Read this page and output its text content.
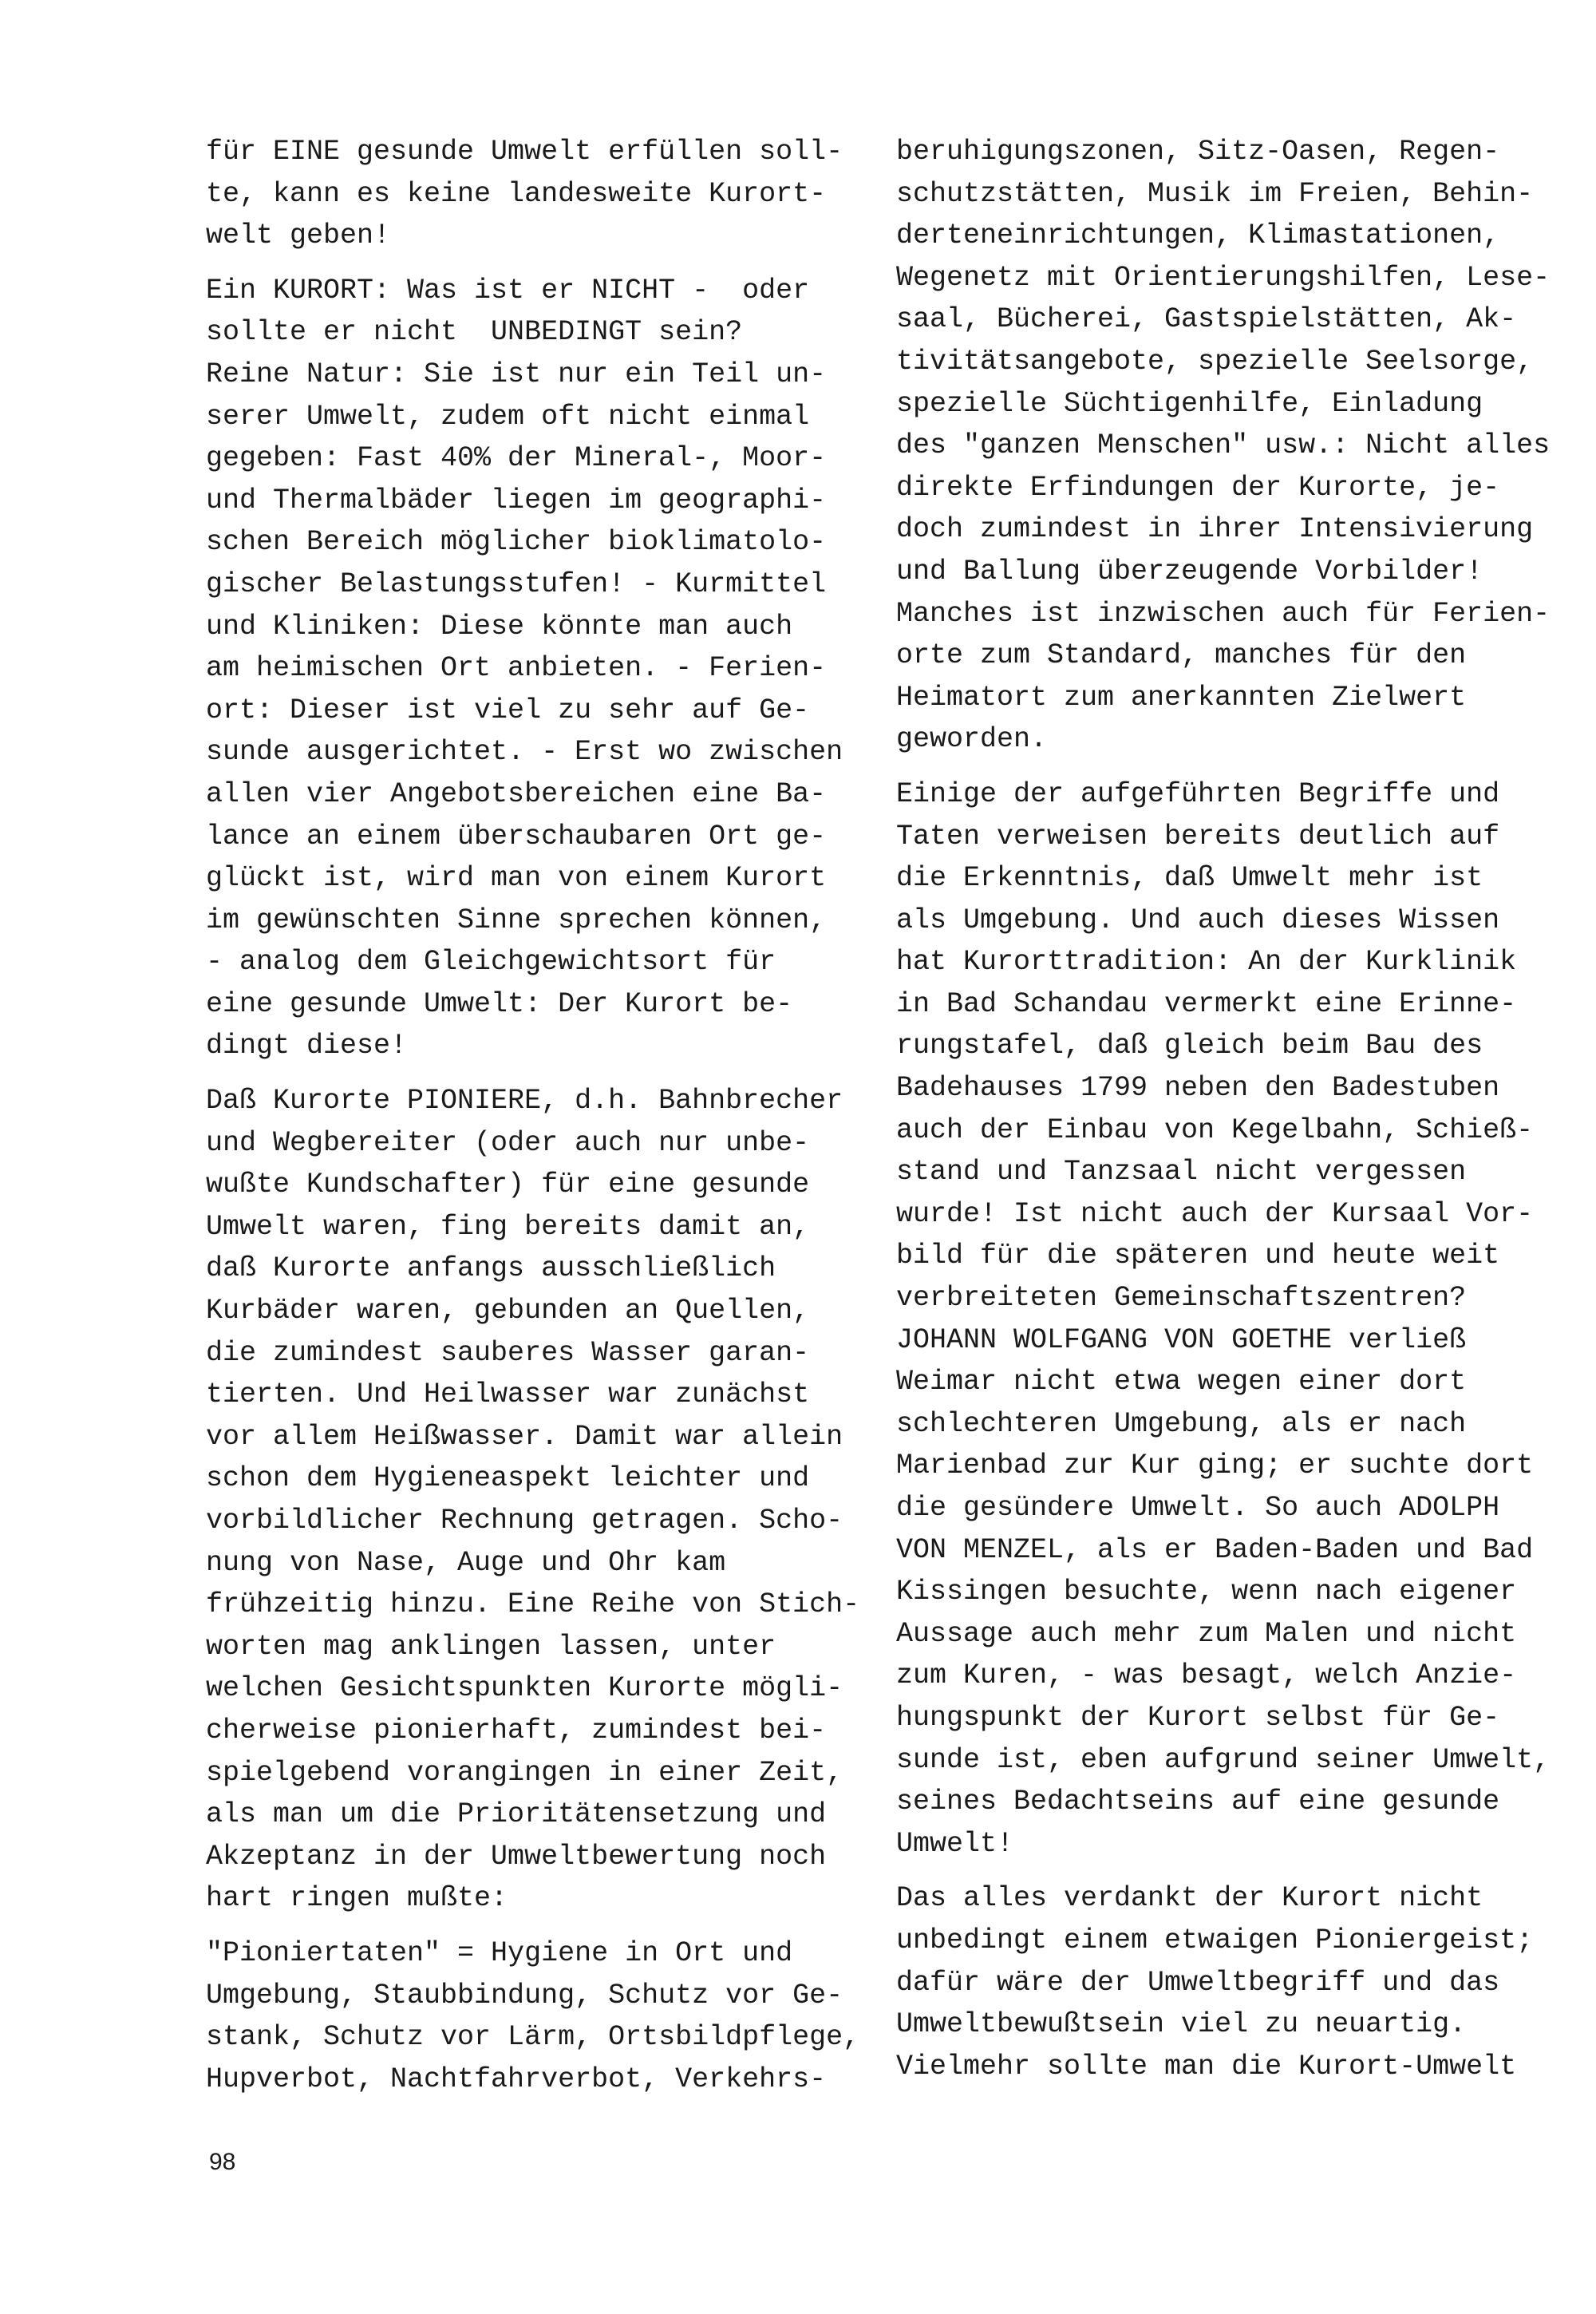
für EINE gesunde Umwelt erfüllen soll-
te, kann es keine landesweite Kurort-
welt geben!
Ein KURORT: Was ist er NICHT -  oder
sollte er nicht  UNBEDINGT sein?
Reine Natur: Sie ist nur ein Teil un-
serer Umwelt, zudem oft nicht einmal
gegeben: Fast 40% der Mineral-, Moor-
und Thermalbäder liegen im geographi-
schen Bereich möglicher bioklimatolo-
gischer Belastungsstufen! - Kurmittel
und Kliniken: Diese könnte man auch
am heimischen Ort anbieten. - Ferien-
ort: Dieser ist viel zu sehr auf Ge-
sunde ausgerichtet. - Erst wo zwischen
allen vier Angebotsbereichen eine Ba-
lance an einem überschaubaren Ort ge-
glückt ist, wird man von einem Kurort
im gewünschten Sinne sprechen können,
- analog dem Gleichgewichtsort für
eine gesunde Umwelt: Der Kurort be-
dingt diese!
Daß Kurorte PIONIERE, d.h. Bahnbrecher
und Wegbereiter (oder auch nur unbe-
wußte Kundschafter) für eine gesunde
Umwelt waren, fing bereits damit an,
daß Kurorte anfangs ausschließlich
Kurbäder waren, gebunden an Quellen,
die zumindest sauberes Wasser garan-
tierten. Und Heilwasser war zunächst
vor allem Heißwasser. Damit war allein
schon dem Hygieneaspekt leichter und
vorbildlicher Rechnung getragen. Scho-
nung von Nase, Auge und Ohr kam
frühzeitig hinzu. Eine Reihe von Stich-
worten mag anklingen lassen, unter
welchen Gesichtspunkten Kurorte mögli-
cherweise pionierhaft, zumindest bei-
spielgebend vorangingen in einer Zeit,
als man um die Prioritätensetzung und
Akzeptanz in der Umweltbewertung noch
hart ringen mußte:
"Pioniertaten" = Hygiene in Ort und
Umgebung, Staubbindung, Schutz vor Ge-
stank, Schutz vor Lärm, Ortsbildpflege,
Hupverbot, Nachtfahrverbot, Verkehrs-
beruhigungszonen, Sitz-Oasen, Regen-
schutzstätten, Musik im Freien, Behin-
derteneinrichtungen, Klimastationen,
Wegenetz mit Orientierungshilfen, Lese-
saal, Bücherei, Gastspielstätten, Ak-
tivitätsangebote, spezielle Seelsorge,
spezielle Süchtigenhilfe, Einladung
des "ganzen Menschen" usw.: Nicht alles
direkte Erfindungen der Kurorte, je-
doch zumindest in ihrer Intensivierung
und Ballung überzeugende Vorbilder!
Manches ist inzwischen auch für Ferien-
orte zum Standard, manches für den
Heimatort zum anerkannten Zielwert
geworden.
Einige der aufgeführten Begriffe und
Taten verweisen bereits deutlich auf
die Erkenntnis, daß Umwelt mehr ist
als Umgebung. Und auch dieses Wissen
hat Kurorttradition: An der Kurklinik
in Bad Schandau vermerkt eine Erinne-
rungstafel, daß gleich beim Bau des
Badehauses 1799 neben den Badestuben
auch der Einbau von Kegelbahn, Schieß-
stand und Tanzsaal nicht vergessen
wurde! Ist nicht auch der Kursaal Vor-
bild für die späteren und heute weit
verbreiteten Gemeinschaftszentren?
JOHANN WOLFGANG VON GOETHE verließ
Weimar nicht etwa wegen einer dort
schlechteren Umgebung, als er nach
Marienbad zur Kur ging; er suchte dort
die gesündere Umwelt. So auch ADOLPH
VON MENZEL, als er Baden-Baden und Bad
Kissingen besuchte, wenn nach eigener
Aussage auch mehr zum Malen und nicht
zum Kuren, - was besagt, welch Anzie-
hungspunkt der Kurort selbst für Ge-
sunde ist, eben aufgrund seiner Umwelt,
seines Bedachtseins auf eine gesunde
Umwelt!
Das alles verdankt der Kurort nicht
unbedingt einem etwaigen Pioniergeist;
dafür wäre der Umweltbegriff und das
Umweltbewußtsein viel zu neuartig.
Vielmehr sollte man die Kurort-Umwelt
98
